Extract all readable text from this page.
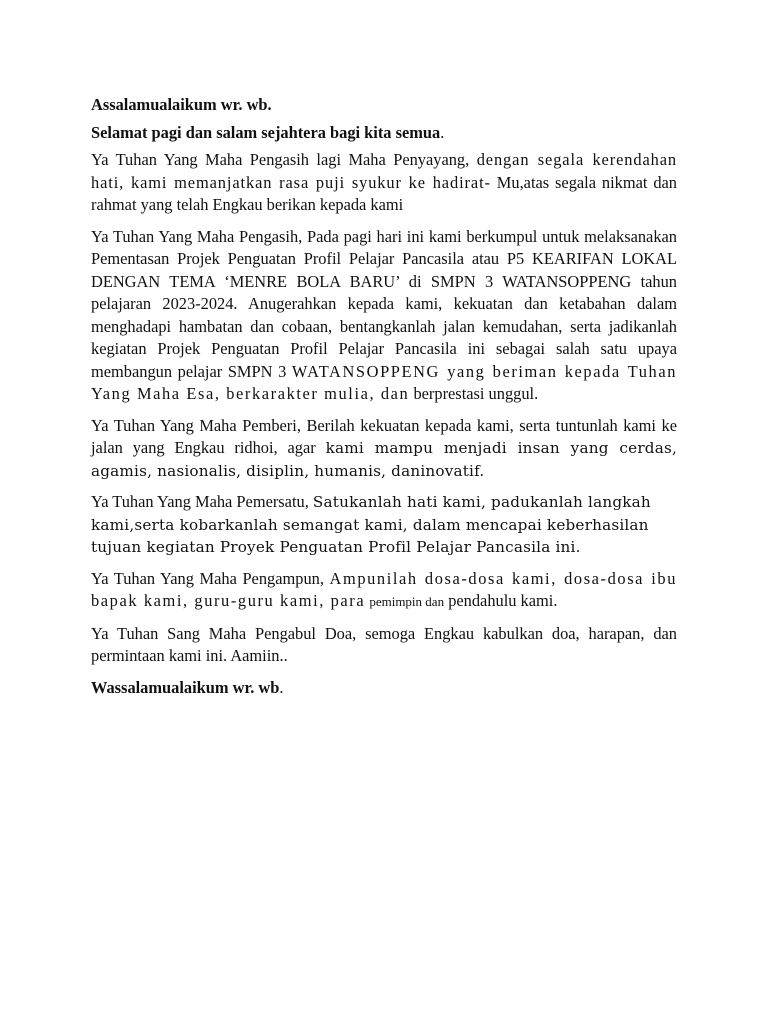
Assalamualaikum wr. wb.

Selamat pagi dan salam sejahtera bagi kita semua.

Ya Tuhan Yang Maha Pengasih lagi Maha Penyayang, dengan segala kerendahan hati, kami memanjatkan rasa puji syukur ke hadirat- Mu,atas segala nikmat dan rahmat yang telah Engkau berikan kepada kami

Ya Tuhan Yang Maha Pengasih, Pada pagi hari ini kami berkumpul untuk melaksanakan Pementasan Projek Penguatan Profil Pelajar Pancasila atau P5 KEARIFAN LOKAL DENGAN TEMA ‘MENRE BOLA BARU’ di SMPN 3 WATANSOPPENG tahun pelajaran 2023-2024. Anugerahkan kepada kami, kekuatan dan ketabahan dalam menghadapi hambatan dan cobaan, bentangkanlah jalan kemudahan, serta jadikanlah kegiatan Projek Penguatan Profil Pelajar Pancasila ini sebagai salah satu upaya membangun pelajar SMPN 3 WATANSOPPENG yang beriman kepada Tuhan Yang Maha Esa, berkarakter mulia, dan berprestasi unggul.

Ya Tuhan Yang Maha Pemberi, Berilah kekuatan kepada kami, serta tuntunlah kami ke jalan yang Engkau ridhoi, agar kami mampu menjadi insan yang cerdas, agamis, nasionalis, disiplin, humanis, daninovatif.

Ya Tuhan Yang Maha Pemersatu, Satukanlah hati kami, padukanlah langkah kami,serta kobarkanlah semangat kami, dalam mencapai keberhasilan tujuan kegiatan Proyek Penguatan Profil Pelajar Pancasila ini.

Ya Tuhan Yang Maha Pengampun, Ampunilah dosa-dosa kami, dosa-dosa ibu bapak kami, guru-guru kami, para pemimpin dan pendahulu kami.

Ya Tuhan Sang Maha Pengabul Doa, semoga Engkau kabulkan doa, harapan, dan permintaan kami ini. Aamiin..

Wassalamualaikum wr. wb.
